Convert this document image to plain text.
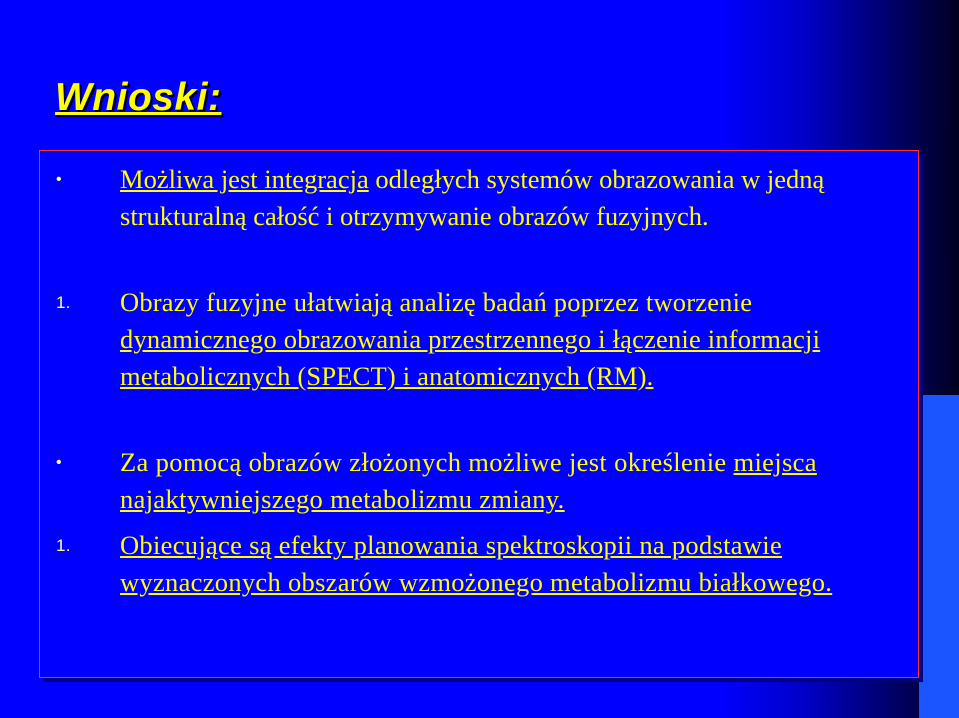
Wnioski:
• Możliwa jest integracja odległych systemów obrazowania w jedną strukturalną całość i otrzymywanie obrazów fuzyjnych.
1. Obrazy fuzyjne ułatwiają analizę badań poprzez tworzenie dynamicznego obrazowania przestrzennego i łączenie informacji metabolicznych (SPECT) i anatomicznych (RM).
• Za pomocą obrazów złożonych możliwe jest określenie miejsca najaktywniejszego metabolizmu zmiany.
1. Obiecujące są efekty planowania spektroskopii na podstawie wyznaczonych obszarów wzmożonego metabolizmu białkowego.
